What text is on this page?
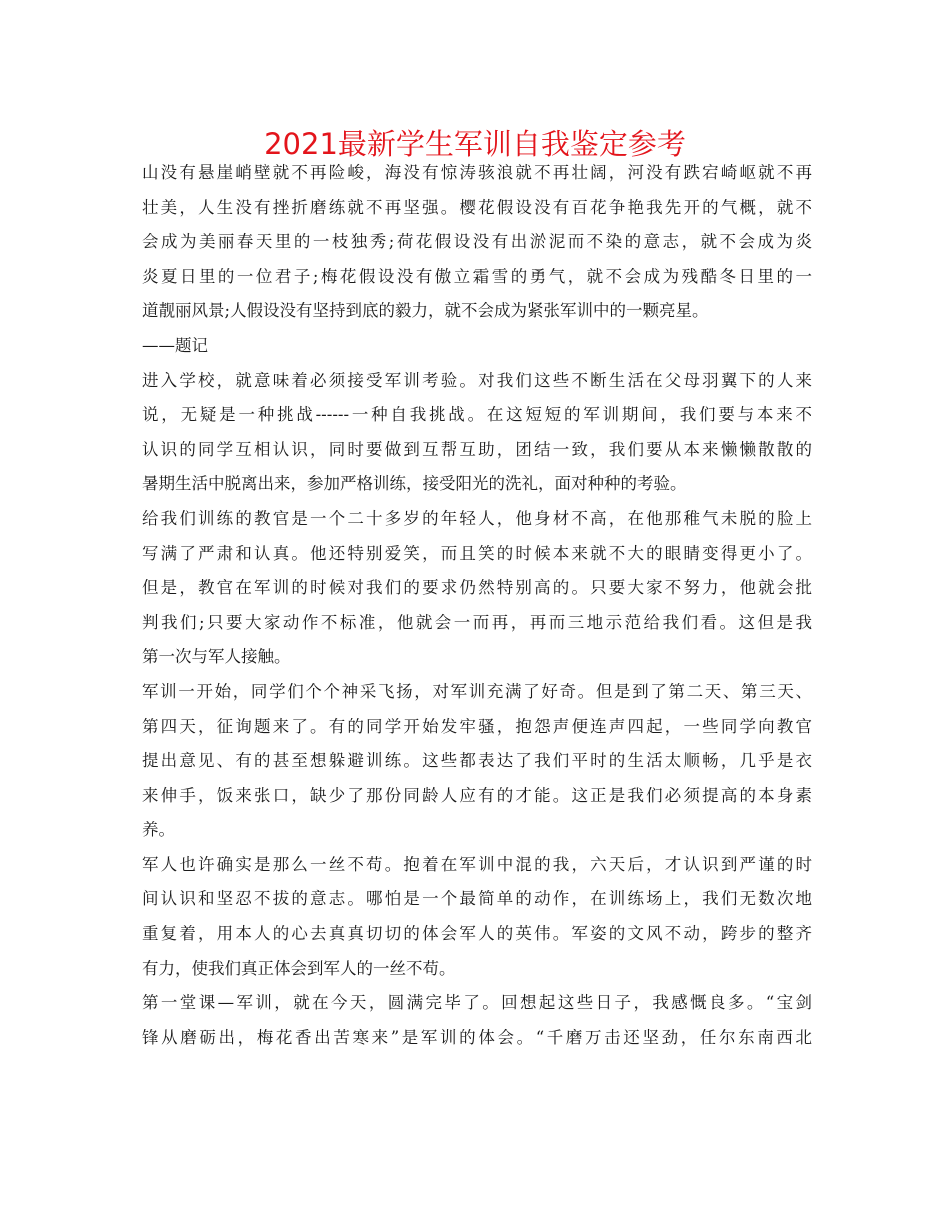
2021最新学生军训自我鉴定参考
山没有悬崖峭壁就不再险峻，海没有惊涛骇浪就不再壮阔，河没有跌宕崎岖就不再
壮美，人生没有挫折磨练就不再坚强。樱花假设没有百花争艳我先开的气概，就不
会成为美丽春天里的一枝独秀;荷花假设没有出淤泥而不染的意志，就不会成为炎
炎夏日里的一位君子;梅花假设没有傲立霜雪的勇气，就不会成为残酷冬日里的一
道靓丽风景;人假设没有坚持到底的毅力，就不会成为紧张军训中的一颗亮星。
——题记
进入学校，就意味着必须接受军训考验。对我们这些不断生活在父母羽翼下的人来
说，无疑是一种挑战------一种自我挑战。在这短短的军训期间，我们要与本来不
认识的同学互相认识，同时要做到互帮互助，团结一致，我们要从本来懒懒散散的
暑期生活中脱离出来，参加严格训练，接受阳光的洗礼，面对种种的考验。
给我们训练的教官是一个二十多岁的年轻人，他身材不高，在他那稚气未脱的脸上
写满了严肃和认真。他还特别爱笑，而且笑的时候本来就不大的眼睛变得更小了。
但是，教官在军训的时候对我们的要求仍然特别高的。只要大家不努力，他就会批
判我们;只要大家动作不标准，他就会一而再，再而三地示范给我们看。这但是我
第一次与军人接触。
军训一开始，同学们个个神采飞扬，对军训充满了好奇。但是到了第二天、第三天、
第四天，征询题来了。有的同学开始发牢骚，抱怨声便连声四起，一些同学向教官
提出意见、有的甚至想躲避训练。这些都表达了我们平时的生活太顺畅，几乎是衣
来伸手，饭来张口，缺少了那份同龄人应有的才能。这正是我们必须提高的本身素
养。
军人也许确实是那么一丝不苟。抱着在军训中混的我，六天后，才认识到严谨的时
间认识和坚忍不拔的意志。哪怕是一个最简单的动作，在训练场上，我们无数次地
重复着，用本人的心去真真切切的体会军人的英伟。军姿的文风不动，跨步的整齐
有力，使我们真正体会到军人的一丝不苟。
第一堂课—军训，就在今天，圆满完毕了。回想起这些日子，我感慨良多。“宝剑
锋从磨砺出，梅花香出苦寒来”是军训的体会。“千磨万击还坚劲，任尔东南西北
